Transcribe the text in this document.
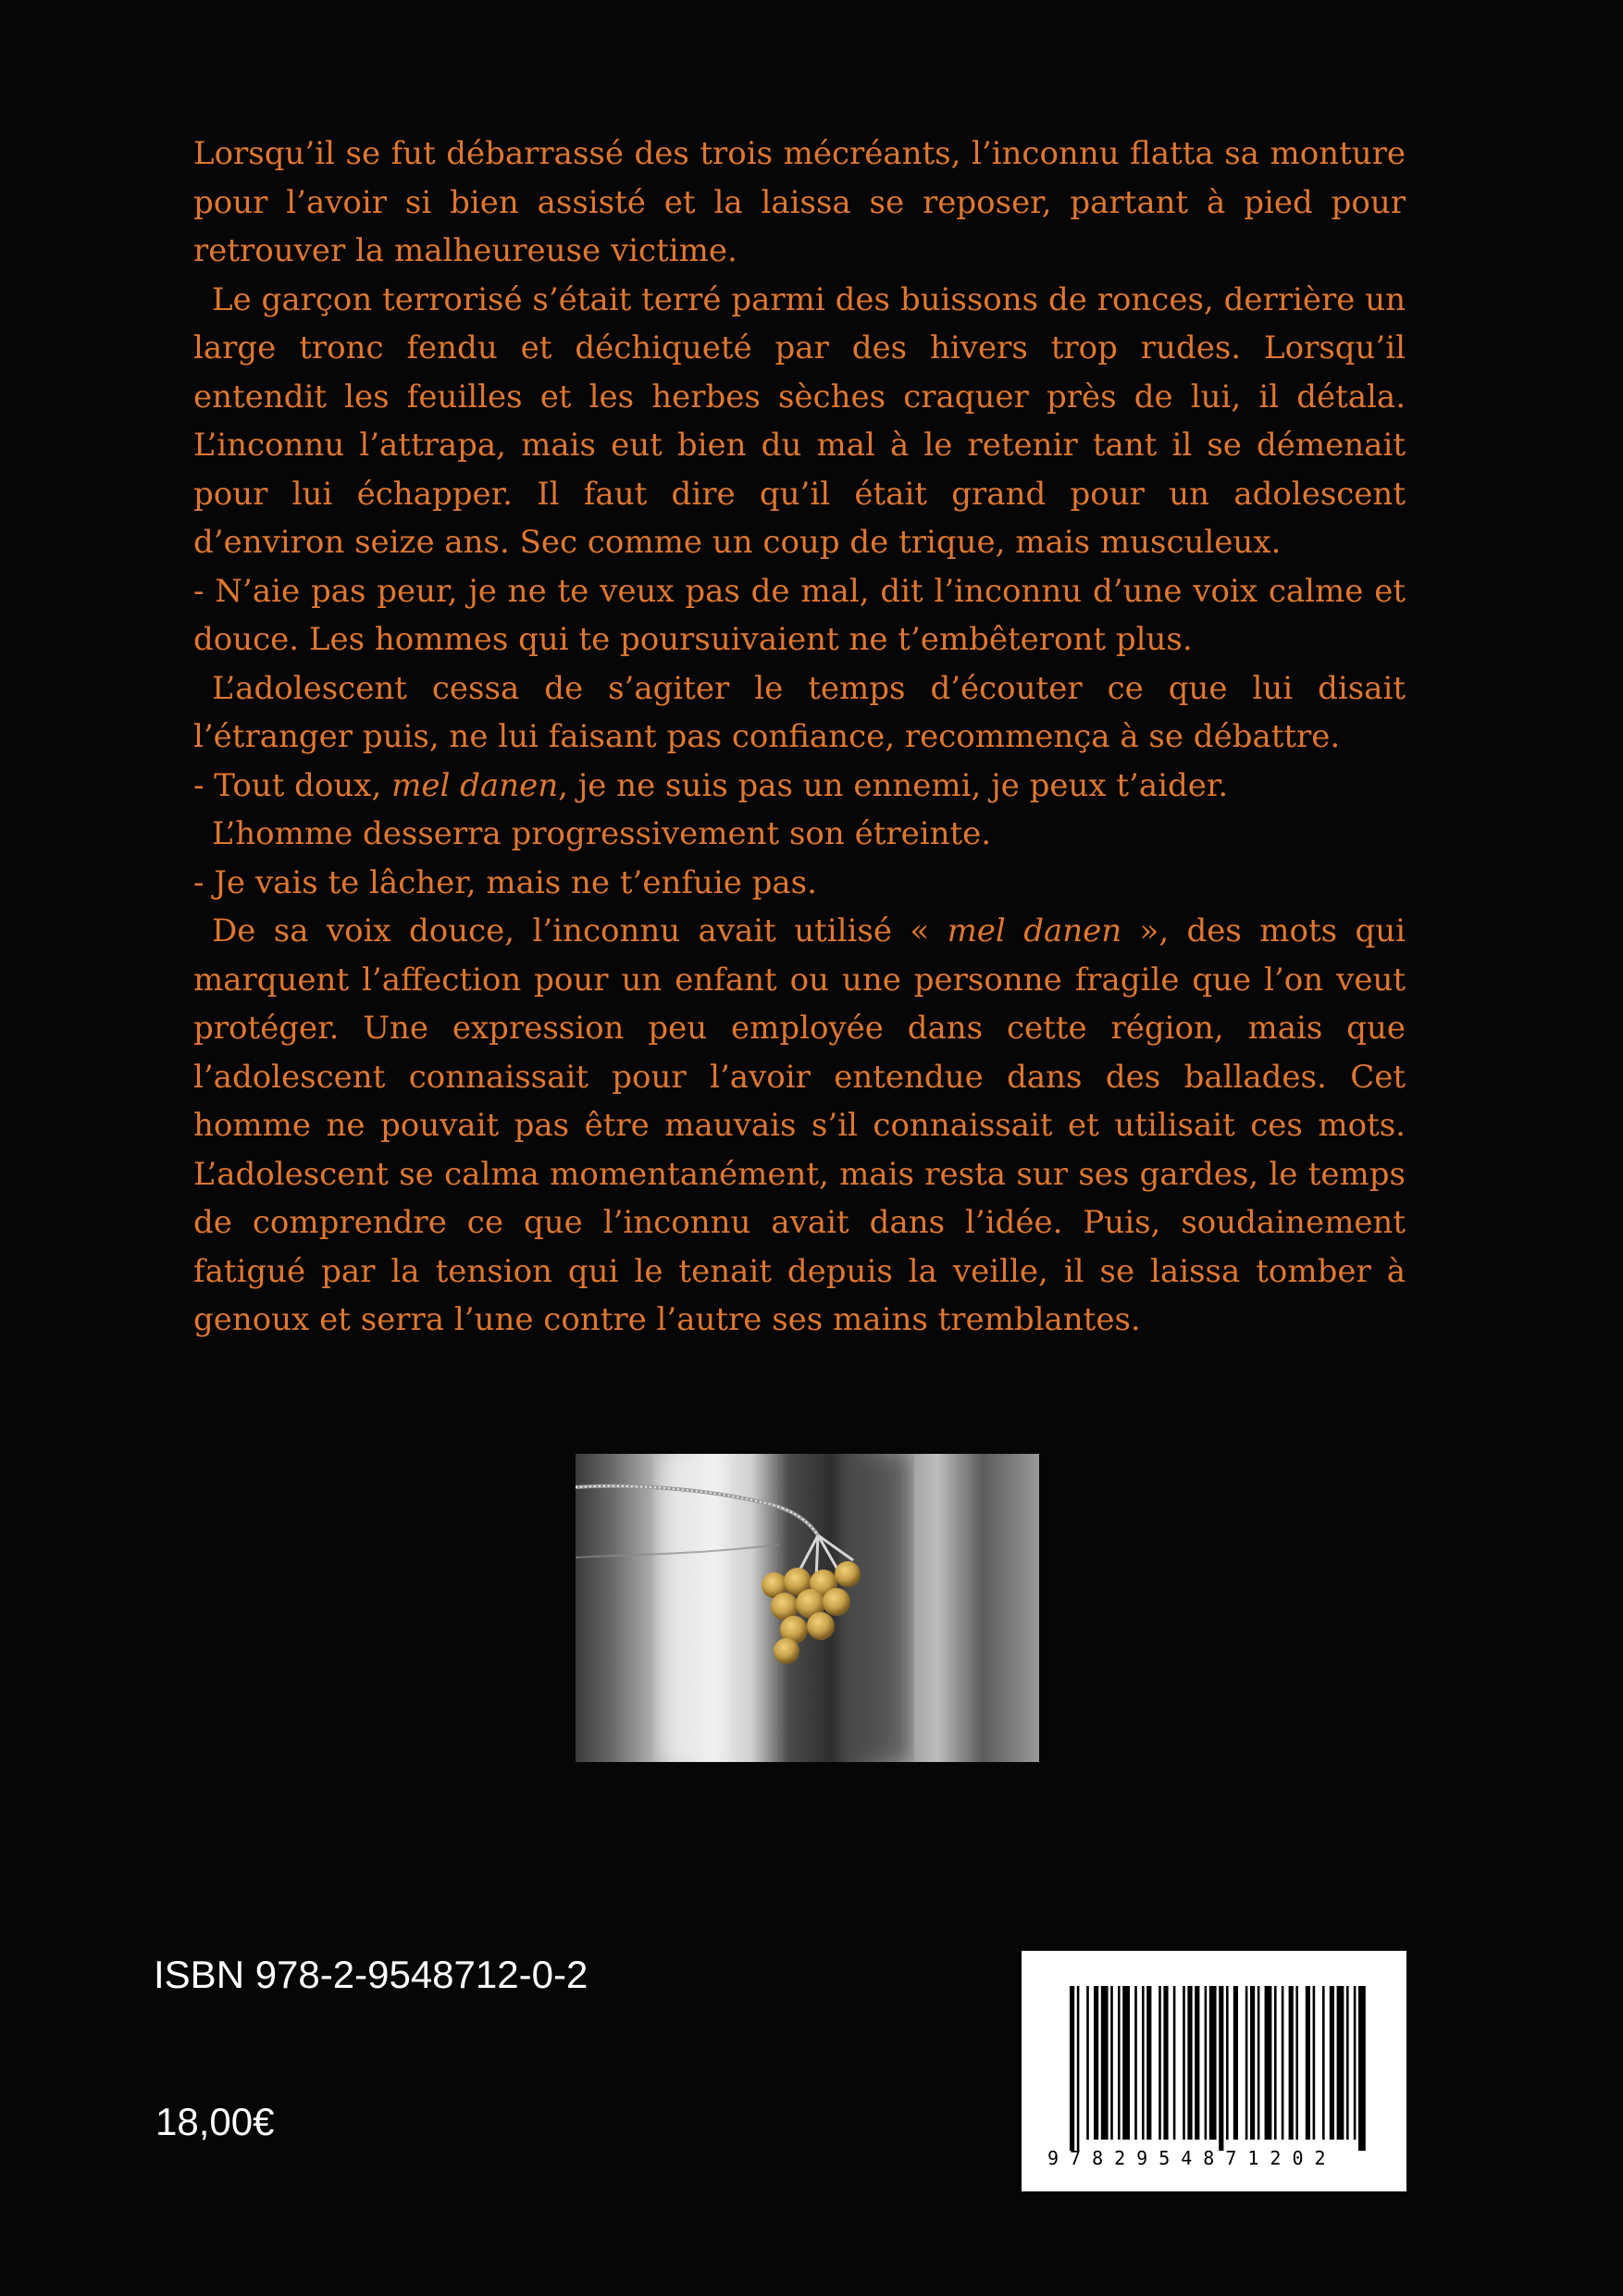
Lorsqu’il se fut débarrassé des trois mécréants, l’inconnu flatta sa monture pour l’avoir si bien assisté et la laissa se reposer, partant à pied pour retrouver la malheureuse victime.

Le garçon terrorisé s’était terré parmi des buissons de ronces, derrière un large tronc fendu et déchiqueté par des hivers trop rudes. Lorsqu’il entendit les feuilles et les herbes sèches craquer près de lui, il détala. L’inconnu l’attrapa, mais eut bien du mal à le retenir tant il se démenait pour lui échapper. Il faut dire qu’il était grand pour un adolescent d’environ seize ans. Sec comme un coup de trique, mais musculeux.

- N’aie pas peur, je ne te veux pas de mal, dit l’inconnu d’une voix calme et douce. Les hommes qui te poursuivaient ne t’embêteront plus.

L’adolescent cessa de s’agiter le temps d’écouter ce que lui disait l’étranger puis, ne lui faisant pas confiance, recommença à se débattre.

- Tout doux, mel danen, je ne suis pas un ennemi, je peux t’aider.

L’homme desserra progressivement son étreinte.

- Je vais te lâcher, mais ne t’enfuie pas.

De sa voix douce, l’inconnu avait utilisé « mel danen », des mots qui marquent l’affection pour un enfant ou une personne fragile que l’on veut protéger. Une expression peu employée dans cette région, mais que l’adolescent connaissait pour l’avoir entendue dans des ballades. Cet homme ne pouvait pas être mauvais s’il connaissait et utilisait ces mots. L’adolescent se calma momentanément, mais resta sur ses gardes, le temps de comprendre ce que l’inconnu avait dans l’idée. Puis, soudainement fatigué par la tension qui le tenait depuis la veille, il se laissa tomber à genoux et serra l’une contre l’autre ses mains tremblantes.

ISBN 978-2-9548712-0-2
18,00€
9782954871202
